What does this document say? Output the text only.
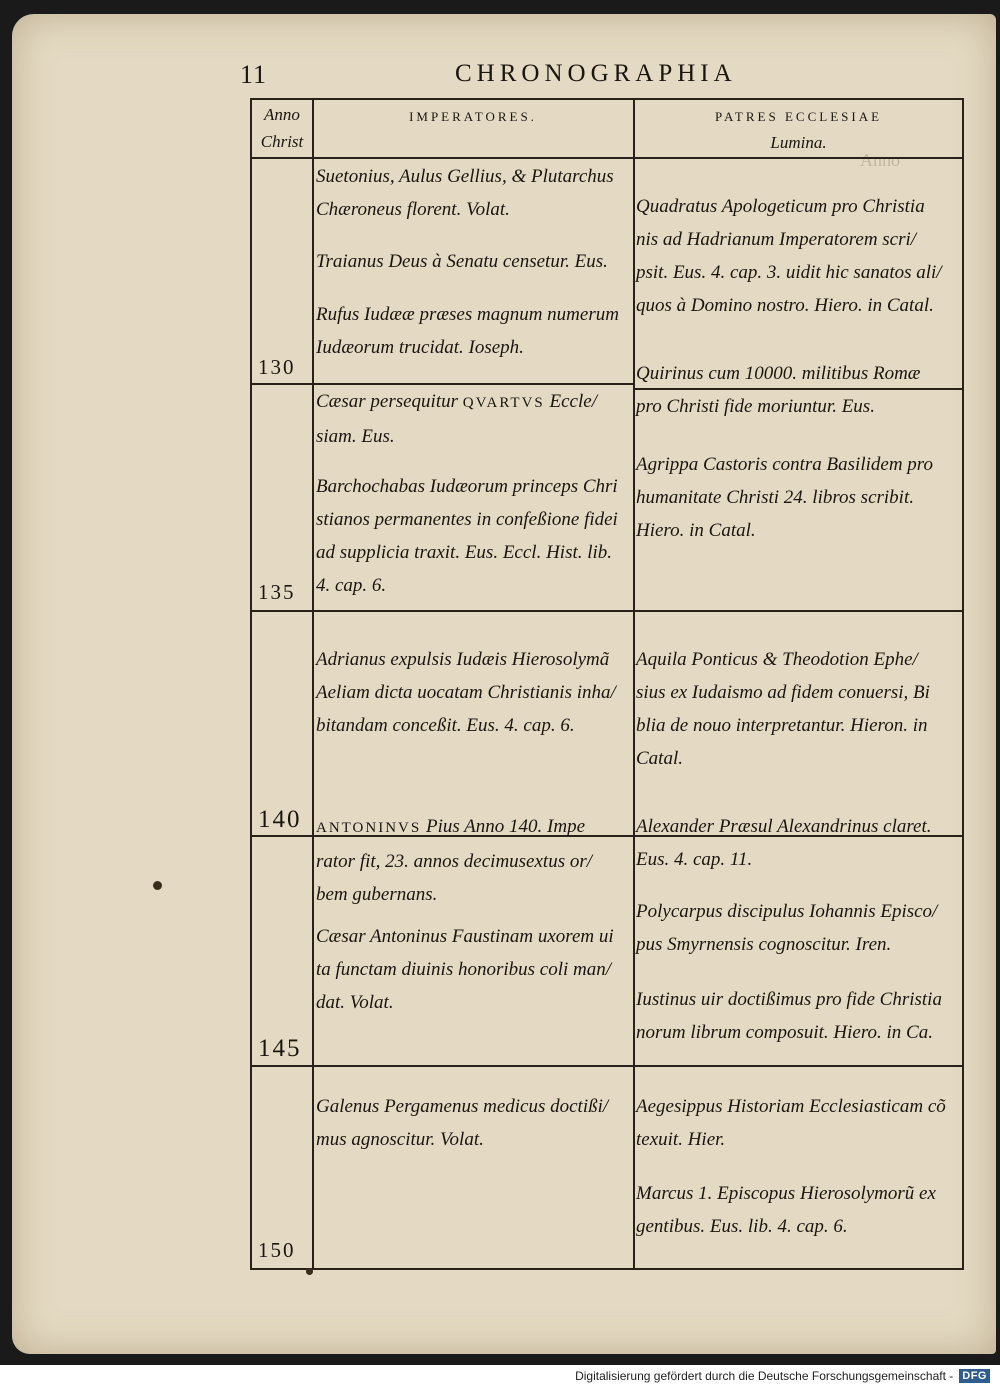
Anno
11	CHRONOGRAPHIA
Anno
Christ
IMPERATORES.	PATRES ECCLESIAE
Lumina.
130
135
140
145
150
Suetonius, Aulus Gellius, & Plutarchus
Chæroneus florent. Volat.
Traianus Deus à Senatu censetur. Eus.
Rufus Iudææ præses magnum numerum
Iudæorum trucidat. Ioseph.
Cæsar persequitur QVARTVS Eccle/
siam. Eus.
Barchochabas Iudæorum princeps Chri
stianos permanentes in confeßione fidei
ad supplicia traxit. Eus. Eccl. Hist. lib.
4. cap. 6.
Adrianus expulsis Iudæis Hierosolymã
Aeliam dicta uocatam Christianis inha/
bitandam conceßit. Eus. 4. cap. 6.
ANTONINVS Pius Anno 140. Impe
rator fit, 23. annos decimusextus or/
bem gubernans.
Cæsar Antoninus Faustinam uxorem ui
ta functam diuinis honoribus coli man/
dat. Volat.
Galenus Pergamenus medicus doctißi/
mus agnoscitur. Volat.
Quadratus Apologeticum pro Christia
nis ad Hadrianum Imperatorem scri/
psit. Eus. 4. cap. 3. uidit hic sanatos ali/
quos à Domino nostro. Hiero. in Catal.
Quirinus cum 10000. militibus Romæ
pro Christi fide moriuntur. Eus.
Agrippa Castoris contra Basilidem pro
humanitate Christi 24. libros scribit.
Hiero. in Catal.
Aquila Ponticus & Theodotion Ephe/
sius ex Iudaismo ad fidem conuersi, Bi
blia de nouo interpretantur. Hieron. in
Catal.
Alexander Præsul Alexandrinus claret.
Eus. 4. cap. 11.
Polycarpus discipulus Iohannis Episco/
pus Smyrnensis cognoscitur. Iren.
Iustinus uir doctißimus pro fide Christia
norum librum composuit. Hiero. in Ca.
Aegesippus Historiam Ecclesiasticam cõ
texuit. Hier.
Marcus 1. Episcopus Hierosolymorũ ex
gentibus. Eus. lib. 4. cap. 6.
Digitalisierung gefördert durch die Deutsche Forschungsgemeinschaft - DFG
